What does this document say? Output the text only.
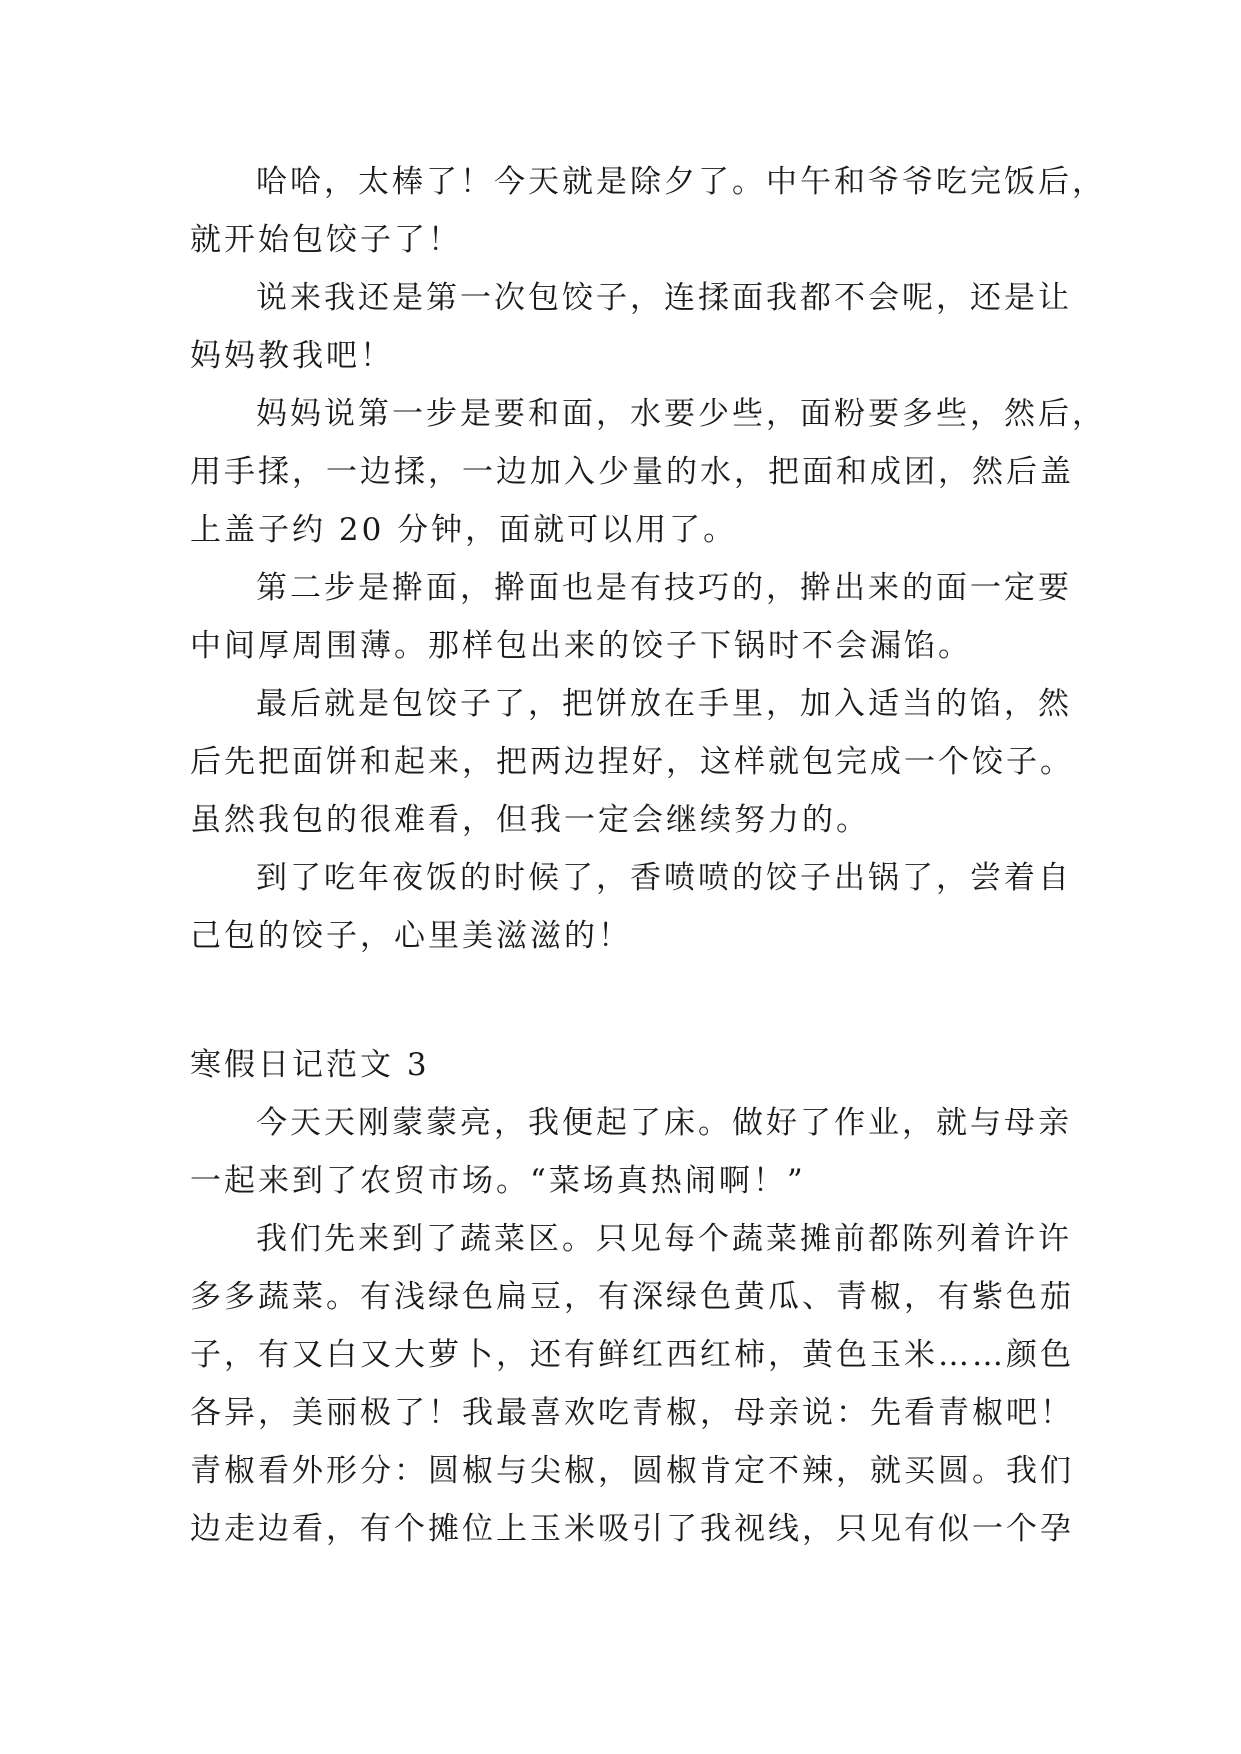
哈哈，太棒了！今天就是除夕了。中午和爷爷吃完饭后，
就开始包饺子了！
说来我还是第一次包饺子，连揉面我都不会呢，还是让
妈妈教我吧！
妈妈说第一步是要和面，水要少些，面粉要多些，然后，
用手揉，一边揉，一边加入少量的水，把面和成团，然后盖
上盖子约 20 分钟，面就可以用了。
第二步是擀面，擀面也是有技巧的，擀出来的面一定要
中间厚周围薄。那样包出来的饺子下锅时不会漏馅。
最后就是包饺子了，把饼放在手里，加入适当的馅，然
后先把面饼和起来，把两边捏好，这样就包完成一个饺子。
虽然我包的很难看，但我一定会继续努力的。
到了吃年夜饭的时候了，香喷喷的饺子出锅了，尝着自
己包的饺子，心里美滋滋的！
寒假日记范文 3
今天天刚蒙蒙亮，我便起了床。做好了作业，就与母亲
一起来到了农贸市场。“菜场真热闹啊！”
我们先来到了蔬菜区。只见每个蔬菜摊前都陈列着许许
多多蔬菜。有浅绿色扁豆，有深绿色黄瓜、青椒，有紫色茄
子，有又白又大萝卜，还有鲜红西红柿，黄色玉米……颜色
各异，美丽极了！我最喜欢吃青椒，母亲说：先看青椒吧！
青椒看外形分：圆椒与尖椒，圆椒肯定不辣，就买圆。我们
边走边看，有个摊位上玉米吸引了我视线，只见有似一个孕
